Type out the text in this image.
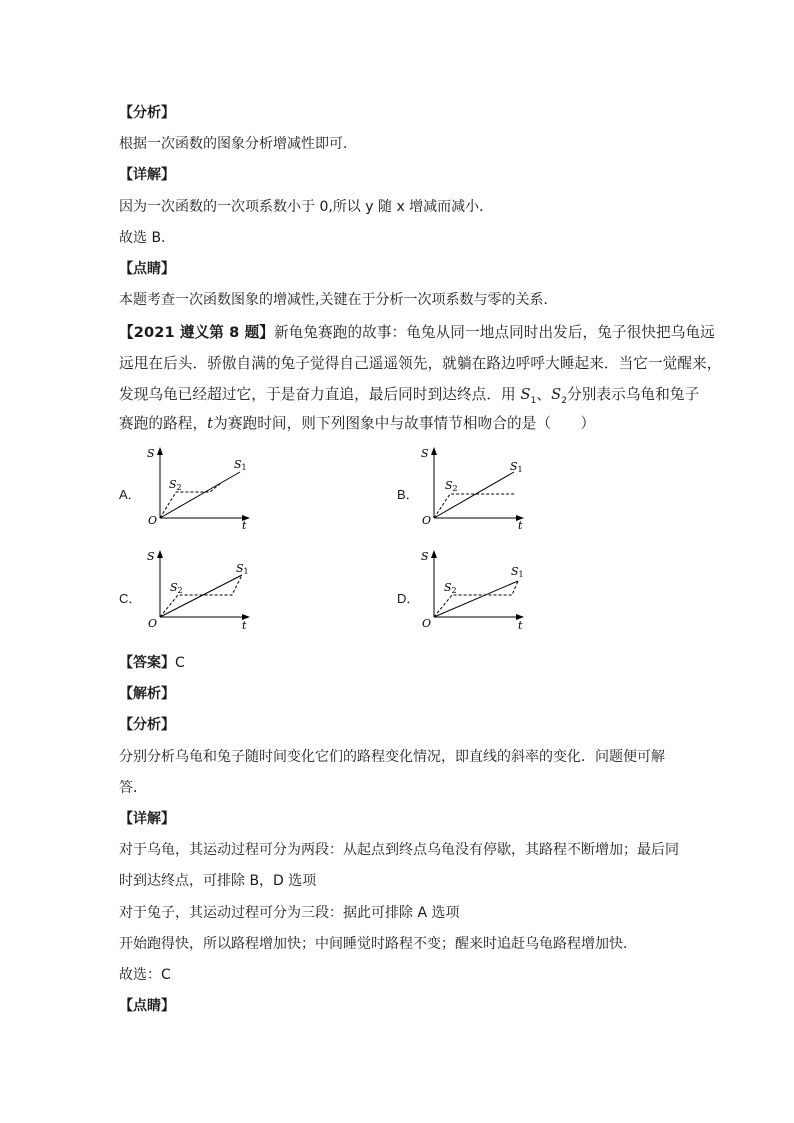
【分析】
根据一次函数的图象分析增减性即可．
【详解】
因为一次函数的一次项系数小于 0,所以 y 随 x 增减而减小．
故选 B．
【点睛】
本题考查一次函数图象的增减性,关键在于分析一次项系数与零的关系．
【2021 遵义第 8 题】新龟兔赛跑的故事：龟兔从同一地点同时出发后，兔子很快把乌龟远
远甩在后头．骄傲自满的兔子觉得自己遥遥领先，就躺在路边呼呼大睡起来．当它一觉醒来，
发现乌龟已经超过它，于是奋力直追，最后同时到达终点．用 $S_1$、$S_2$分别表示乌龟和兔子
赛跑的路程，t为赛跑时间，则下列图象中与故事情节相吻合的是（　　）
A．
S
t
O
S1
S2	B．
S
t
O
S1
S2
C．
S
t
O
S1
S2
D．
S
t
O
S1
S2
【答案】C
【解析】
【分析】
分别分析乌龟和兔子随时间变化它们的路程变化情况，即直线的斜率的变化．问题便可解
答．
【详解】
对于乌龟，其运动过程可分为两段：从起点到终点乌龟没有停歇，其路程不断增加；最后同
时到达终点，可排除 B，D 选项
对于兔子，其运动过程可分为三段：据此可排除 A 选项
开始跑得快，所以路程增加快；中间睡觉时路程不变；醒来时追赶乌龟路程增加快．
故选：C
【点睛】
